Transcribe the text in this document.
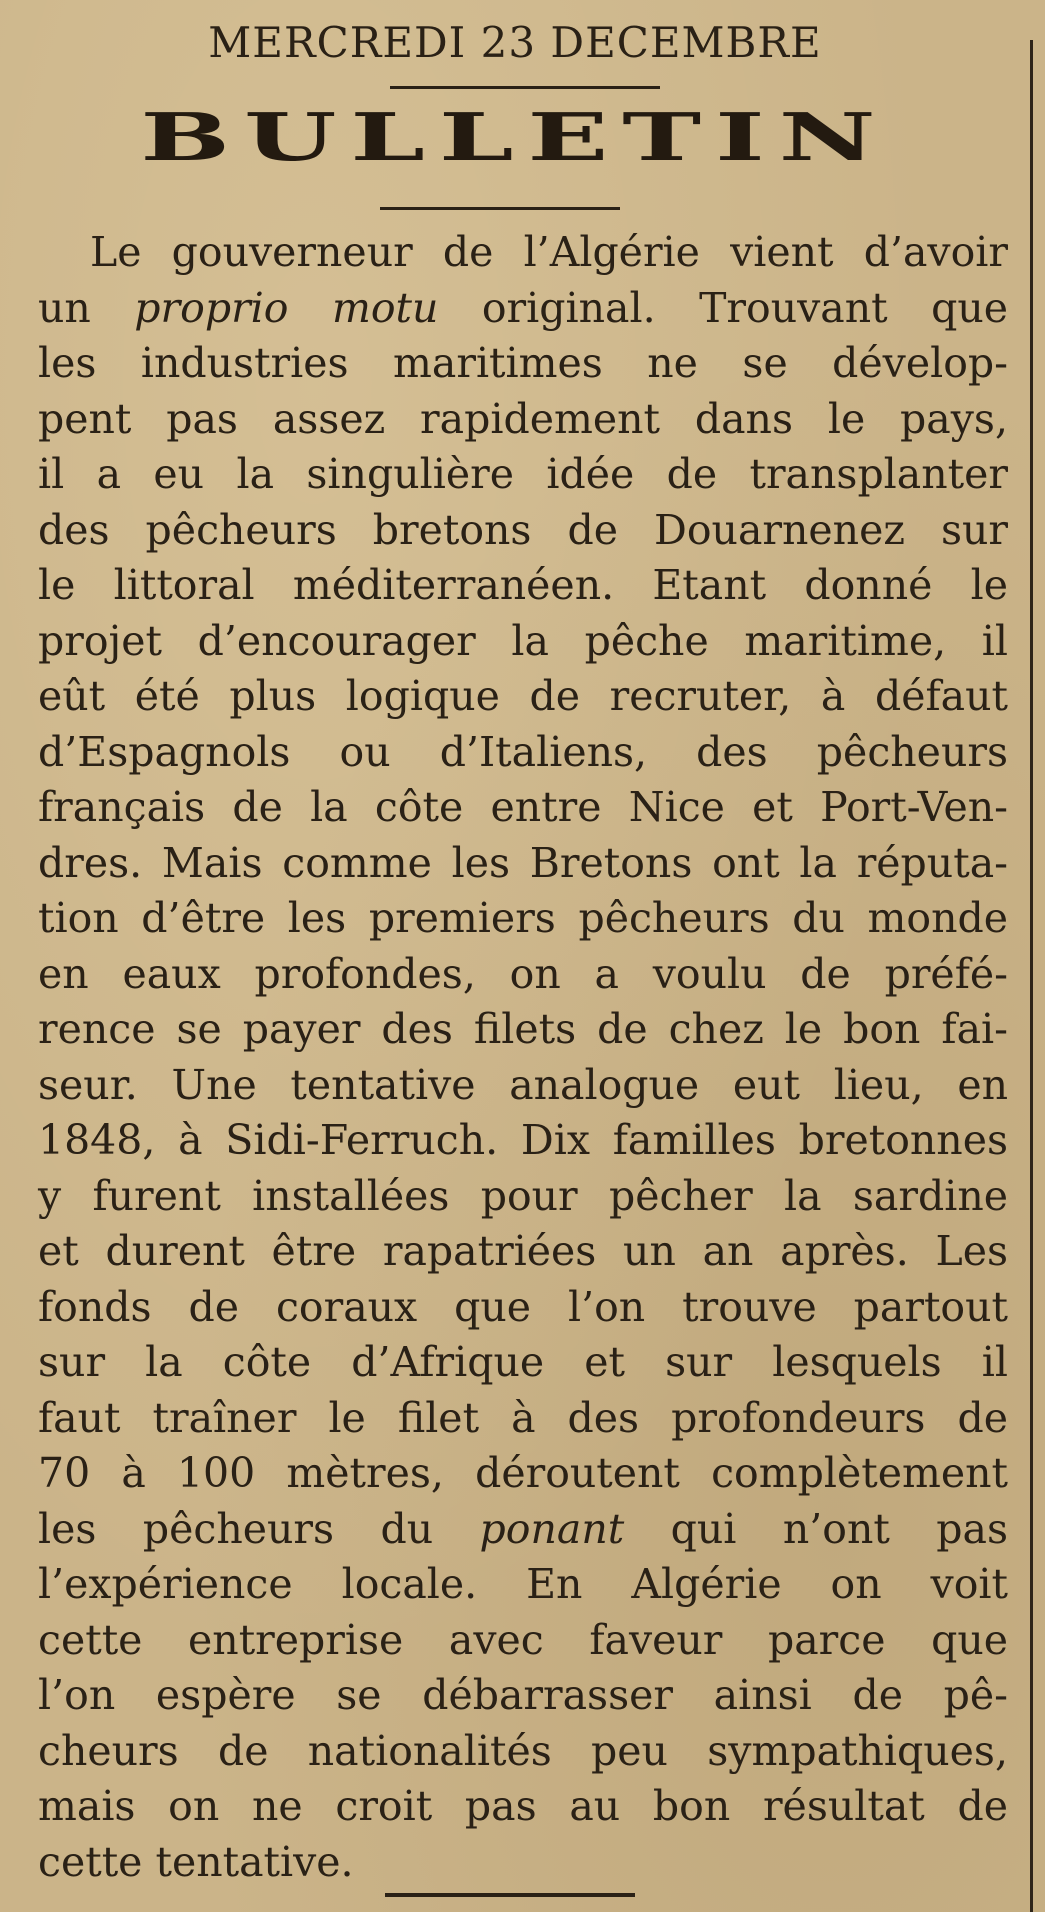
MERCREDI 23 DECEMBRE
BULLETIN
Le gouverneur de l’Algérie vient d’avoir
un proprio motu original. Trouvant que
les industries maritimes ne se dévelop-
pent pas assez rapidement dans le pays,
il a eu la singulière idée de transplanter
des pêcheurs bretons de Douarnenez sur
le littoral méditerranéen. Etant donné le
projet d’encourager la pêche maritime, il
eût été plus logique de recruter, à défaut
d’Espagnols ou d’Italiens, des pêcheurs
français de la côte entre Nice et Port-Ven-
dres. Mais comme les Bretons ont la réputa-
tion d’être les premiers pêcheurs du monde
en eaux profondes, on a voulu de préfé-
rence se payer des filets de chez le bon fai-
seur. Une tentative analogue eut lieu, en
1848, à Sidi-Ferruch. Dix familles bretonnes
y furent installées pour pêcher la sardine
et durent être rapatriées un an après. Les
fonds de coraux que l’on trouve partout
sur la côte d’Afrique et sur lesquels il
faut traîner le filet à des profondeurs de
70 à 100 mètres, déroutent complètement
les pêcheurs du ponant qui n’ont pas
l’expérience locale. En Algérie on voit
cette entreprise avec faveur parce que
l’on espère se débarrasser ainsi de pê-
cheurs de nationalités peu sympathiques,
mais on ne croit pas au bon résultat de
cette tentative.
